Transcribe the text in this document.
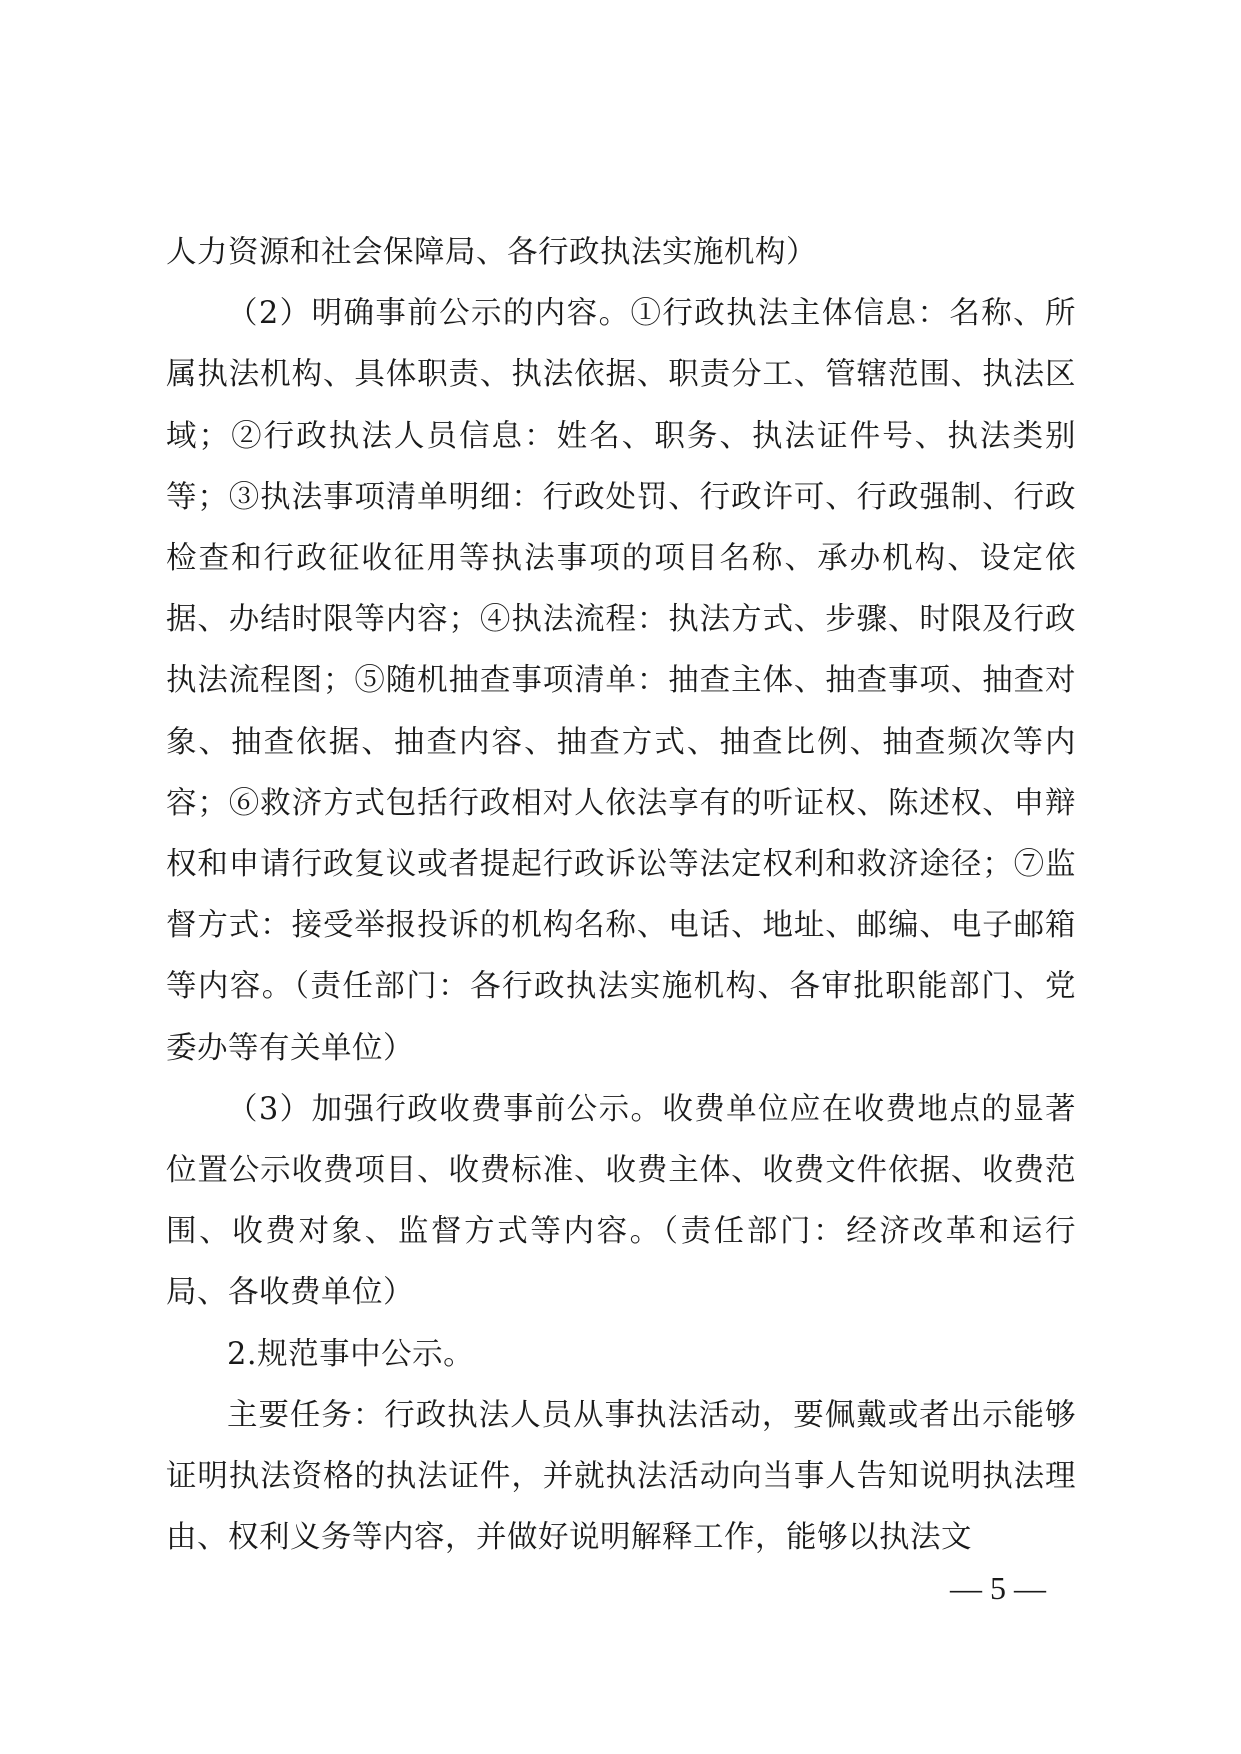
人力资源和社会保障局、各行政执法实施机构）

（2）明确事前公示的内容。①行政执法主体信息：名称、所属执法机构、具体职责、执法依据、职责分工、管辖范围、执法区域；②行政执法人员信息：姓名、职务、执法证件号、执法类别等；③执法事项清单明细：行政处罚、行政许可、行政强制、行政检查和行政征收征用等执法事项的项目名称、承办机构、设定依据、办结时限等内容；④执法流程：执法方式、步骤、时限及行政执法流程图；⑤随机抽查事项清单：抽查主体、抽查事项、抽查对象、抽查依据、抽查内容、抽查方式、抽查比例、抽查频次等内容；⑥救济方式包括行政相对人依法享有的听证权、陈述权、申辩权和申请行政复议或者提起行政诉讼等法定权利和救济途径；⑦监督方式：接受举报投诉的机构名称、电话、地址、邮编、电子邮箱等内容。（责任部门：各行政执法实施机构、各审批职能部门、党委办等有关单位）

（3）加强行政收费事前公示。收费单位应在收费地点的显著位置公示收费项目、收费标准、收费主体、收费文件依据、收费范围、收费对象、监督方式等内容。（责任部门：经济改革和运行局、各收费单位）

2.规范事中公示。

主要任务：行政执法人员从事执法活动，要佩戴或者出示能够证明执法资格的执法证件，并就执法活动向当事人告知说明执法理由、权利义务等内容，并做好说明解释工作，能够以执法文

— 5 —
